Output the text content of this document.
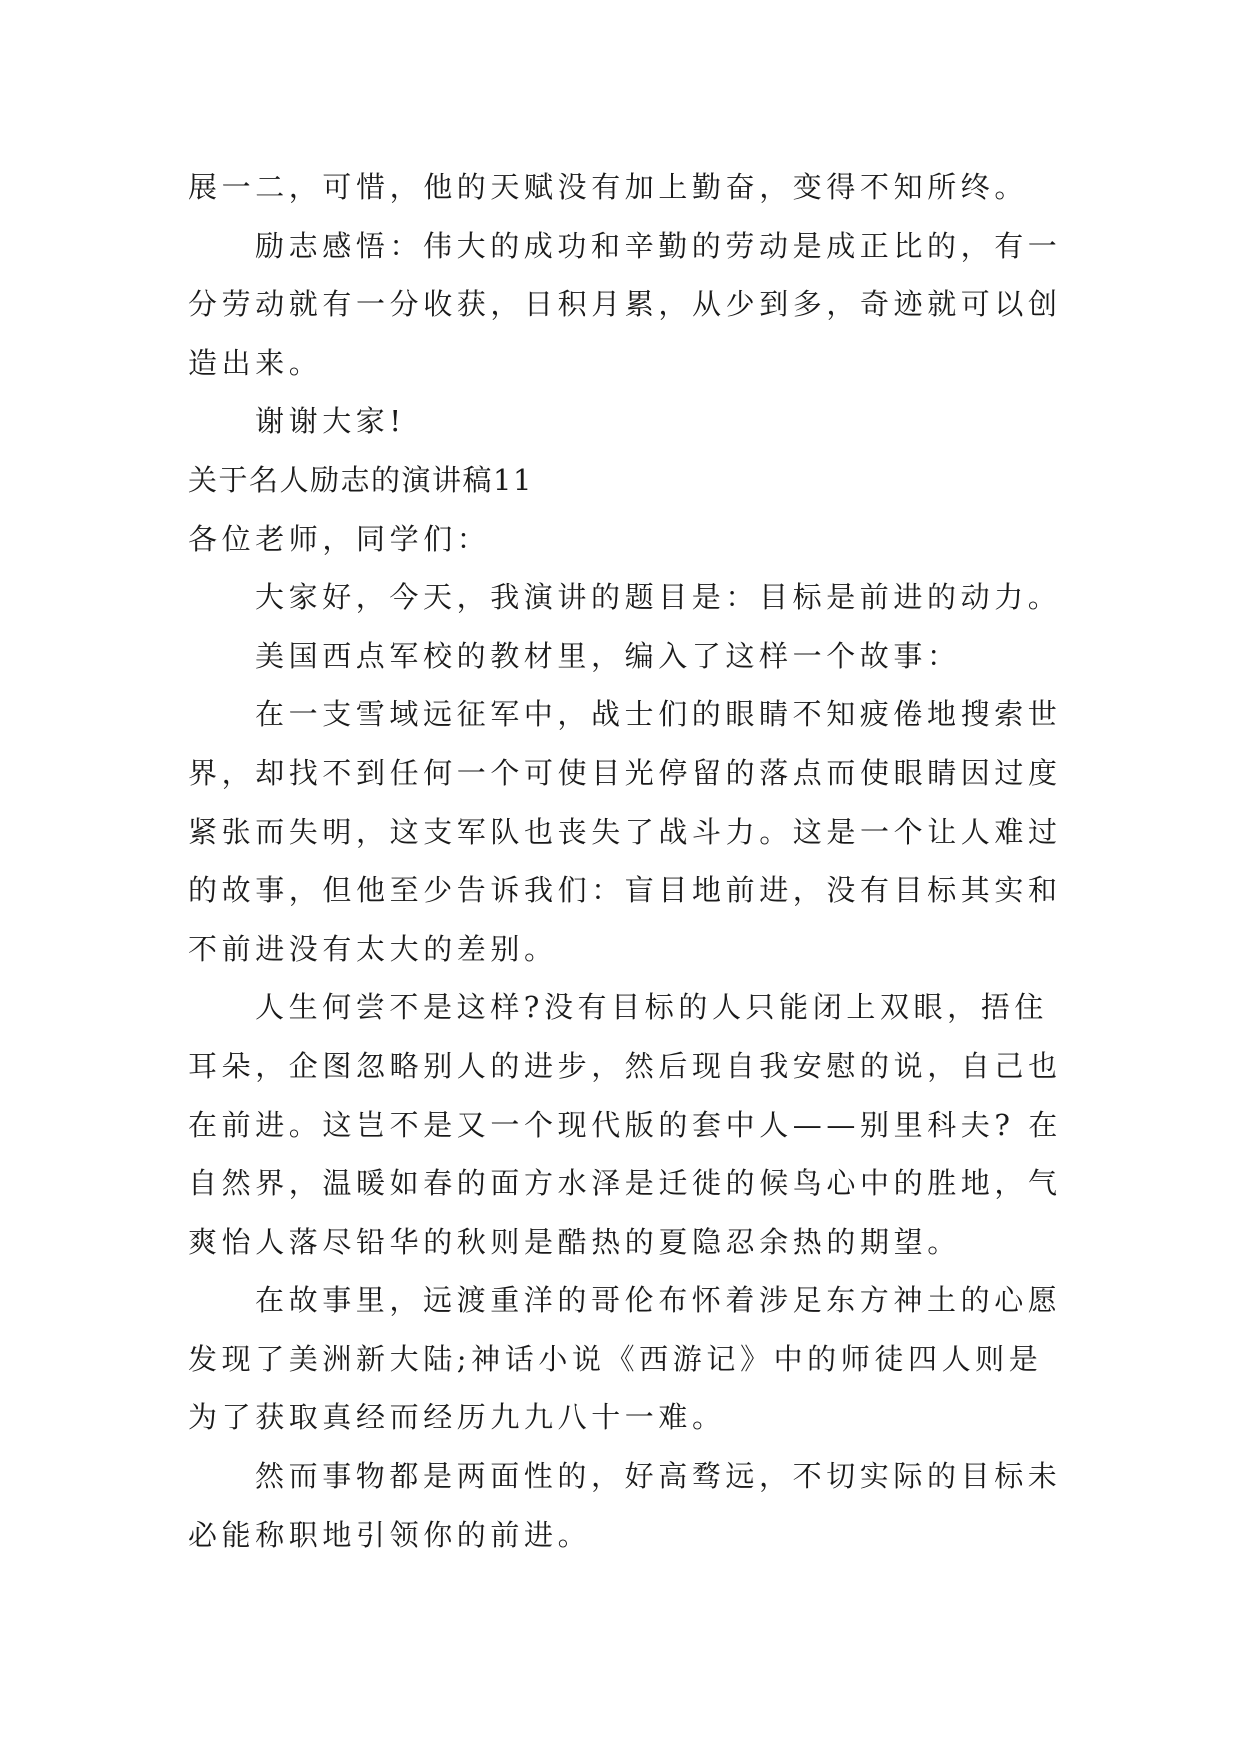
展一二，可惜，他的天赋没有加上勤奋，变得不知所终。

励志感悟：伟大的成功和辛勤的劳动是成正比的，有一分劳动就有一分收获，日积月累，从少到多，奇迹就可以创造出来。

谢谢大家!

关于名人励志的演讲稿11

各位老师，同学们：

大家好，今天，我演讲的题目是：目标是前进的动力。

美国西点军校的教材里，编入了这样一个故事：

在一支雪域远征军中，战士们的眼睛不知疲倦地搜索世界，却找不到任何一个可使目光停留的落点而使眼睛因过度紧张而失明，这支军队也丧失了战斗力。这是一个让人难过的故事，但他至少告诉我们：盲目地前进，没有目标其实和不前进没有太大的差别。

人生何尝不是这样?没有目标的人只能闭上双眼，捂住耳朵，企图忽略别人的进步，然后现自我安慰的说，自己也在前进。这岂不是又一个现代版的套中人——别里科夫? 在自然界，温暖如春的面方水泽是迁徙的候鸟心中的胜地，气爽怡人落尽铅华的秋则是酷热的夏隐忍余热的期望。

在故事里，远渡重洋的哥伦布怀着涉足东方神土的心愿发现了美洲新大陆;神话小说《西游记》中的师徒四人则是为了获取真经而经历九九八十一难。

然而事物都是两面性的，好高骛远，不切实际的目标未必能称职地引领你的前进。
